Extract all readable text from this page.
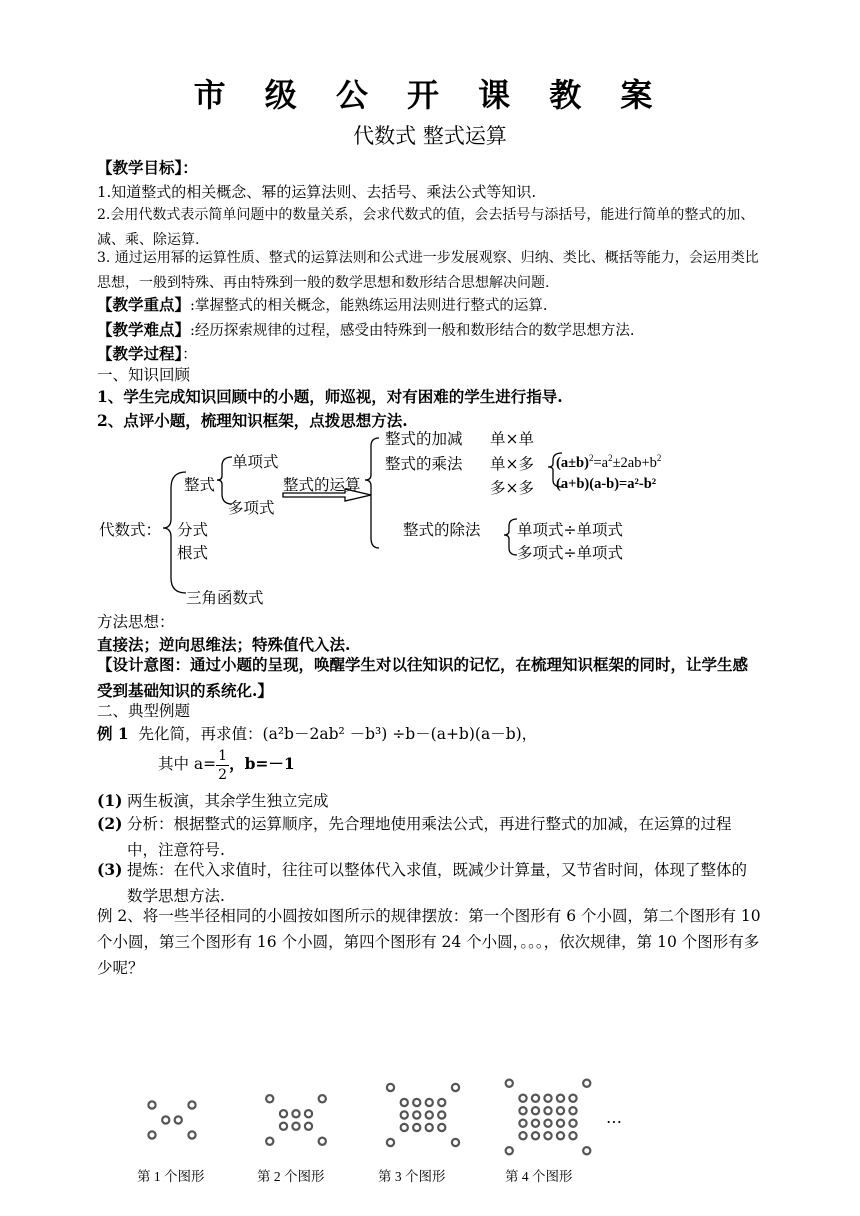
市 级 公 开 课 教 案
代数式 整式运算
【教学目标】：
1.知道整式的相关概念、幂的运算法则、去括号、乘法公式等知识.
2.会用代数式表示简单问题中的数量关系，会求代数式的值，会去括号与添括号，能进行简单的整式的加、减、乘、除运算.
3. 通过运用幂的运算性质、整式的运算法则和公式进一步发展观察、归纳、类比、概括等能力，会运用类比思想，一般到特殊、再由特殊到一般的数学思想和数形结合思想解决问题.
【教学重点】:掌握整式的相关概念，能熟练运用法则进行整式的运算.
【教学难点】:经历探索规律的过程，感受由特殊到一般和数形结合的数学思想方法.
【教学过程】：
一、知识回顾
1、学生完成知识回顾中的小题，师巡视，对有困难的学生进行指导.
2、点评小题，梳理知识框架，点拨思想方法.
代数式：
整式
单项式
多项式
整式的运算
分式
根式
三角函数式
整式的加减 单×单
整式的乘法 单×多
多×多
$(a\pm b)^2=a^2\pm 2ab+b^2$
(a+b)(a-b)=a²-b²
整式的除法 单项式÷单项式
多项式÷单项式
方法思想：
直接法；逆向思维法；特殊值代入法.
【设计意图：通过小题的呈现，唤醒学生对以往知识的记忆，在梳理知识框架的同时，让学生感受到基础知识的系统化.】
二、典型例题
例 1 先化简，再求值：(a²b－2ab² －b³) ÷b－(a+b)(a－b)，
其中 $a= \frac{1}{2}$ ，b=－1
(1) 两生板演，其余学生独立完成
(2) 分析：根据整式的运算顺序，先合理地使用乘法公式，再进行整式的加减，在运算的过程中，注意符号.
(3) 提炼：在代入求值时，往往可以整体代入求值，既减少计算量，又节省时间，体现了整体的数学思想方法.
例 2、将一些半径相同的小圆按如图所示的规律摆放：第一个图形有 6 个小圆，第二个图形有 10 个小圆，第三个图形有 16 个小圆，第四个图形有 24 个小圆，。。。，依次规律，第 10 个图形有多少呢？
…
第 1 个图形	第 2 个图形	第 3 个图形	第 4 个图形
